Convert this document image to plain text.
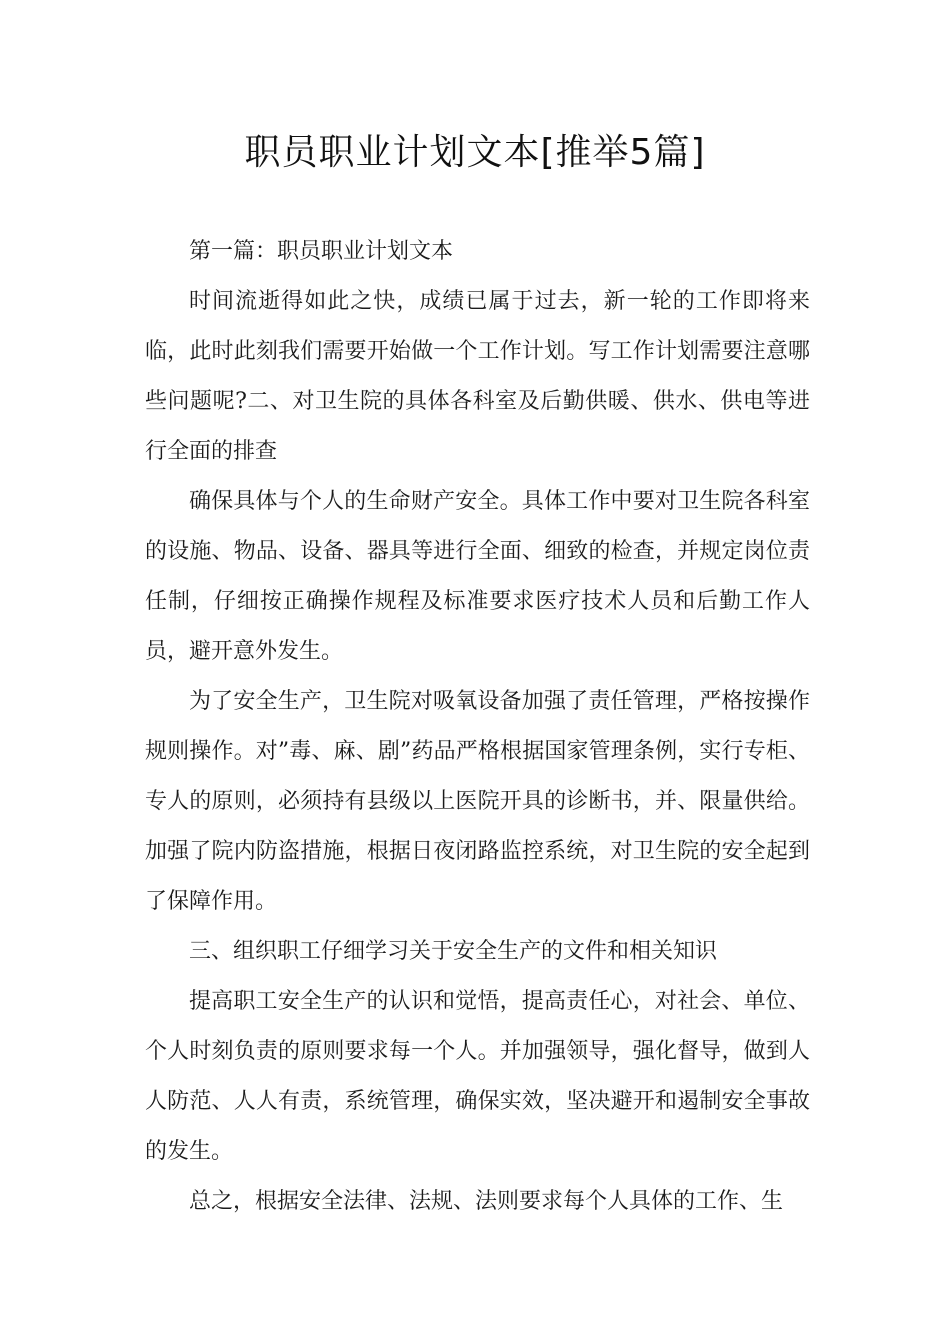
职员职业计划文本[推举5篇]

第一篇：职员职业计划文本

时间流逝得如此之快，成绩已属于过去，新一轮的工作即将来临，此时此刻我们需要开始做一个工作计划。写工作计划需要注意哪些问题呢?二、对卫生院的具体各科室及后勤供暖、供水、供电等进行全面的排查

确保具体与个人的生命财产安全。具体工作中要对卫生院各科室的设施、物品、设备、器具等进行全面、细致的检查，并规定岗位责任制，仔细按正确操作规程及标准要求医疗技术人员和后勤工作人员，避开意外发生。

为了安全生产，卫生院对吸氧设备加强了责任管理，严格按操作规则操作。对”毒、麻、剧”药品严格根据国家管理条例，实行专柜、专人的原则，必须持有县级以上医院开具的诊断书，并、限量供给。加强了院内防盗措施，根据日夜闭路监控系统，对卫生院的安全起到了保障作用。

三、组织职工仔细学习关于安全生产的文件和相关知识

提高职工安全生产的认识和觉悟，提高责任心，对社会、单位、个人时刻负责的原则要求每一个人。并加强领导，强化督导，做到人人防范、人人有责，系统管理，确保实效，坚决避开和遏制安全事故的发生。

总之，根据安全法律、法规、法则要求每个人具体的工作、生
